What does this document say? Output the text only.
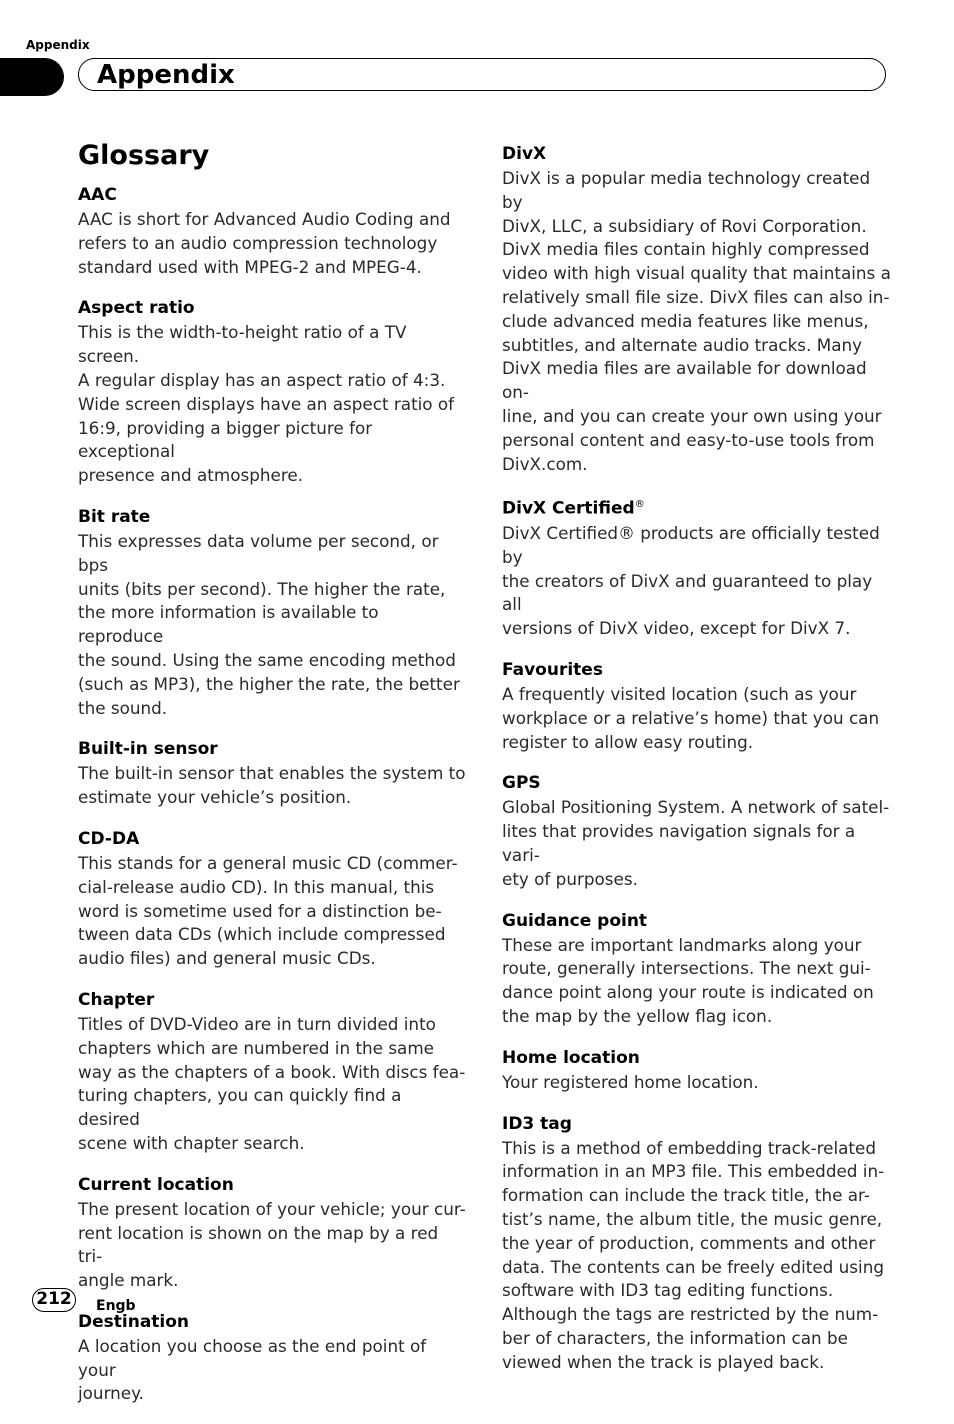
Appendix
Appendix
Glossary
AAC

AAC is short for Advanced Audio Coding and
refers to an audio compression technology
standard used with MPEG-2 and MPEG-4.

Aspect ratio

This is the width-to-height ratio of a TV screen.
A regular display has an aspect ratio of 4:3.
Wide screen displays have an aspect ratio of
16:9, providing a bigger picture for exceptional
presence and atmosphere.

Bit rate

This expresses data volume per second, or bps
units (bits per second). The higher the rate,
the more information is available to reproduce
the sound. Using the same encoding method
(such as MP3), the higher the rate, the better
the sound.

Built-in sensor

The built-in sensor that enables the system to
estimate your vehicle’s position.

CD-DA

This stands for a general music CD (commer-
cial-release audio CD). In this manual, this
word is sometime used for a distinction be-
tween data CDs (which include compressed
audio files) and general music CDs.

Chapter

Titles of DVD-Video are in turn divided into
chapters which are numbered in the same
way as the chapters of a book. With discs fea-
turing chapters, you can quickly find a desired
scene with chapter search.

Current location

The present location of your vehicle; your cur-
rent location is shown on the map by a red tri-
angle mark.

Destination

A location you choose as the end point of your
journey.

DivX

DivX is a popular media technology created by
DivX, LLC, a subsidiary of Rovi Corporation.
DivX media files contain highly compressed
video with high visual quality that maintains a
relatively small file size. DivX files can also in-
clude advanced media features like menus,
subtitles, and alternate audio tracks. Many
DivX media files are available for download on-
line, and you can create your own using your
personal content and easy-to-use tools from
DivX.com.

DivX Certified®

DivX Certified® products are officially tested by
the creators of DivX and guaranteed to play all
versions of DivX video, except for DivX 7.

Favourites

A frequently visited location (such as your
workplace or a relative’s home) that you can
register to allow easy routing.

GPS

Global Positioning System. A network of satel-
lites that provides navigation signals for a vari-
ety of purposes.

Guidance point

These are important landmarks along your
route, generally intersections. The next gui-
dance point along your route is indicated on
the map by the yellow flag icon.

Home location

Your registered home location.

ID3 tag

This is a method of embedding track-related
information in an MP3 file. This embedded in-
formation can include the track title, the ar-
tist’s name, the album title, the music genre,
the year of production, comments and other
data. The contents can be freely edited using
software with ID3 tag editing functions.
Although the tags are restricted by the num-
ber of characters, the information can be
viewed when the track is played back.

212	Engb
